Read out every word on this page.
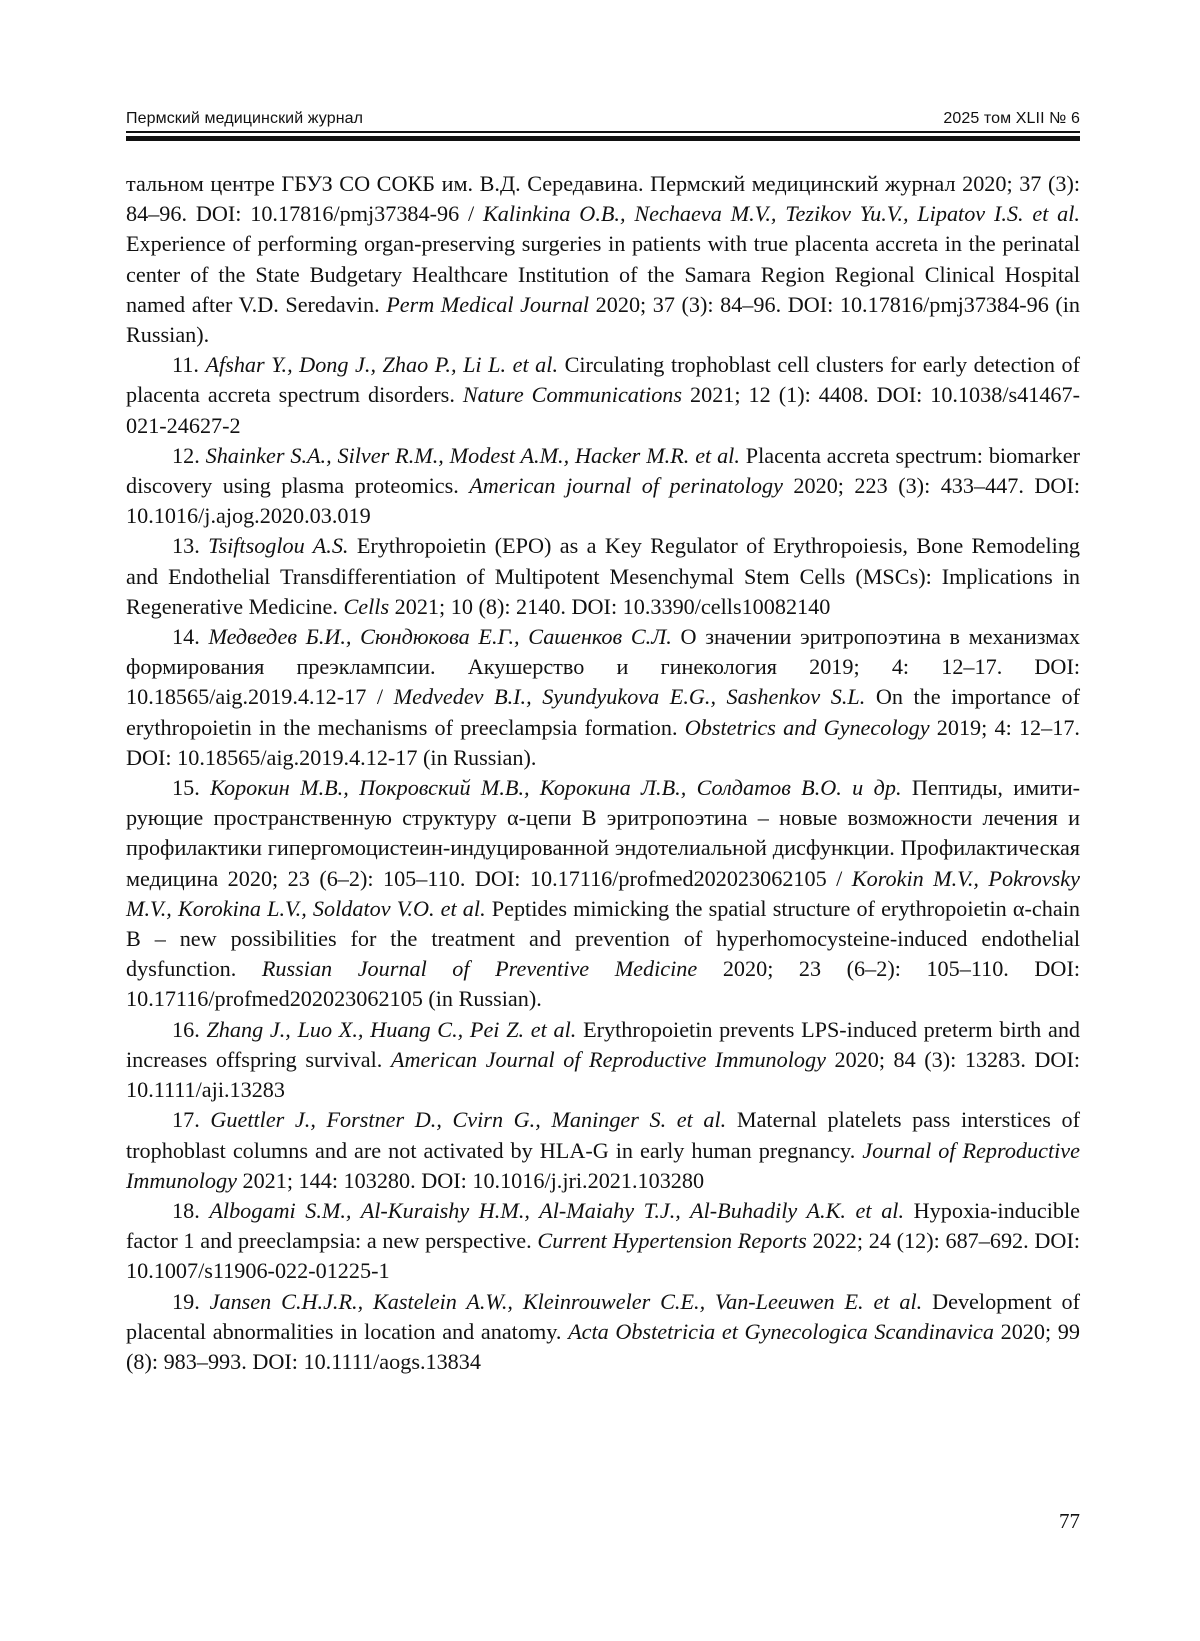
Пермский медицинский журнал	2025 том XLII № 6

тальном центре ГБУЗ СО СОКБ им. В.Д. Середавина. Пермский медицинский журнал 2020; 37 (3): 84–96. DOI: 10.17816/pmj37384-96 / Kalinkina O.B., Nechaeva M.V., Tezikov Yu.V., Lipatov I.S. et al. Experience of performing organ-preserving surgeries in patients with true placenta accreta in the perinatal center of the State Budgetary Healthcare Institution of the Samara Region Regional Clinical Hospital named after V.D. Seredavin. Perm Medical Journal 2020; 37 (3): 84–96. DOI: 10.17816/pmj37384-96 (in Russian).

11. Afshar Y., Dong J., Zhao P., Li L. et al. Circulating trophoblast cell clusters for early detection of placenta accreta spectrum disorders. Nature Communications 2021; 12 (1): 4408. DOI: 10.1038/s41467-021-24627-2

12. Shainker S.A., Silver R.M., Modest A.M., Hacker M.R. et al. Placenta accreta spectrum: biomarker discovery using plasma proteomics. American journal of perinatology 2020; 223 (3): 433–447. DOI: 10.1016/j.ajog.2020.03.019

13. Tsiftsoglou A.S. Erythropoietin (EPO) as a Key Regulator of Erythropoiesis, Bone Remodeling and Endothelial Transdifferentiation of Multipotent Mesenchymal Stem Cells (MSCs): Implications in Regenerative Medicine. Cells 2021; 10 (8): 2140. DOI: 10.3390/cells10082140

14. Медведев Б.И., Сюндюкова Е.Г., Сашенков С.Л. О значении эритропоэтина в механизмах формирования преэклампсии. Акушерство и гинекология 2019; 4: 12–17. DOI: 10.18565/aig.2019.4.12-17 / Medvedev B.I., Syundyukova E.G., Sashenkov S.L. On the importance of erythropoietin in the mechanisms of preeclampsia formation. Obstetrics and Gynecology 2019; 4: 12–17. DOI: 10.18565/aig.2019.4.12-17 (in Russian).

15. Корокин М.В., Покровский М.В., Корокина Л.В., Солдатов В.О. и др. Пептиды, имитирующие пространственную структуру α-цепи В эритропоэтина – новые возможности лечения и профилактики гипергомоцистеин-индуцированной эндотелиальной дисфункции. Профилактическая медицина 2020; 23 (6–2): 105–110. DOI: 10.17116/profmed202023062105 / Korokin M.V., Pokrovsky M.V., Korokina L.V., Soldatov V.O. et al. Peptides mimicking the spatial structure of erythropoietin α-chain B – new possibilities for the treatment and prevention of hyperhomocysteine-induced endothelial dysfunction. Russian Journal of Preventive Medicine 2020; 23 (6–2): 105–110. DOI: 10.17116/profmed202023062105 (in Russian).

16. Zhang J., Luo X., Huang C., Pei Z. et al. Erythropoietin prevents LPS-induced preterm birth and increases offspring survival. American Journal of Reproductive Immunology 2020; 84 (3): 13283. DOI: 10.1111/aji.13283

17. Guettler J., Forstner D., Cvirn G., Maninger S. et al. Maternal platelets pass interstices of trophoblast columns and are not activated by HLA-G in early human pregnancy. Journal of Reproductive Immunology 2021; 144: 103280. DOI: 10.1016/j.jri.2021.103280

18. Albogami S.M., Al-Kuraishy H.M., Al-Maiahy T.J., Al-Buhadily A.K. et al. Hypoxia-inducible factor 1 and preeclampsia: a new perspective. Current Hypertension Reports 2022; 24 (12): 687–692. DOI: 10.1007/s11906-022-01225-1

19. Jansen C.H.J.R., Kastelein A.W., Kleinrouweler C.E., Van-Leeuwen E. et al. Development of placental abnormalities in location and anatomy. Acta Obstetricia et Gynecologica Scandinavica 2020; 99 (8): 983–993. DOI: 10.1111/aogs.13834

77
